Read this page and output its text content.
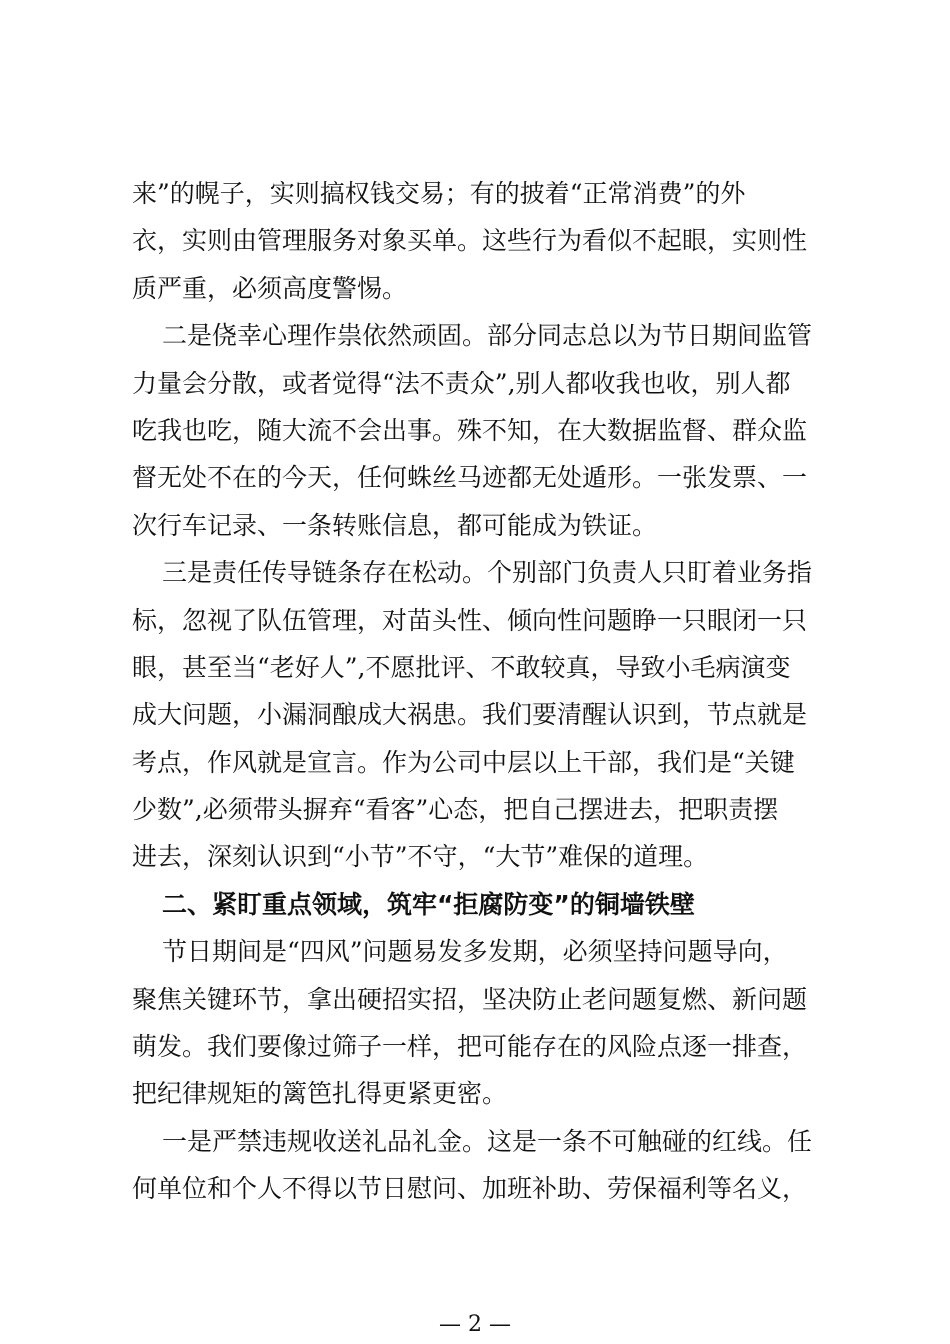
来”的幌子，实则搞权钱交易；有的披着“正常消费”的外
衣，实则由管理服务对象买单。这些行为看似不起眼，实则性
质严重，必须高度警惕。
二是侥幸心理作祟依然顽固。部分同志总以为节日期间监管
力量会分散，或者觉得“法不责众”,别人都收我也收，别人都
吃我也吃，随大流不会出事。殊不知，在大数据监督、群众监
督无处不在的今天，任何蛛丝马迹都无处遁形。一张发票、一
次行车记录、一条转账信息，都可能成为铁证。
三是责任传导链条存在松动。个别部门负责人只盯着业务指
标，忽视了队伍管理，对苗头性、倾向性问题睁一只眼闭一只
眼，甚至当“老好人”,不愿批评、不敢较真，导致小毛病演变
成大问题，小漏洞酿成大祸患。我们要清醒认识到，节点就是
考点，作风就是宣言。作为公司中层以上干部，我们是“关键
少数”,必须带头摒弃“看客”心态，把自己摆进去，把职责摆
进去，深刻认识到“小节”不守，“大节”难保的道理。
二、紧盯重点领域，筑牢“拒腐防变”的铜墙铁壁
节日期间是“四风”问题易发多发期，必须坚持问题导向，
聚焦关键环节，拿出硬招实招，坚决防止老问题复燃、新问题
萌发。我们要像过筛子一样，把可能存在的风险点逐一排查，
把纪律规矩的篱笆扎得更紧更密。
一是严禁违规收送礼品礼金。这是一条不可触碰的红线。任
何单位和个人不得以节日慰问、加班补助、劳保福利等名义，
— 2 —
